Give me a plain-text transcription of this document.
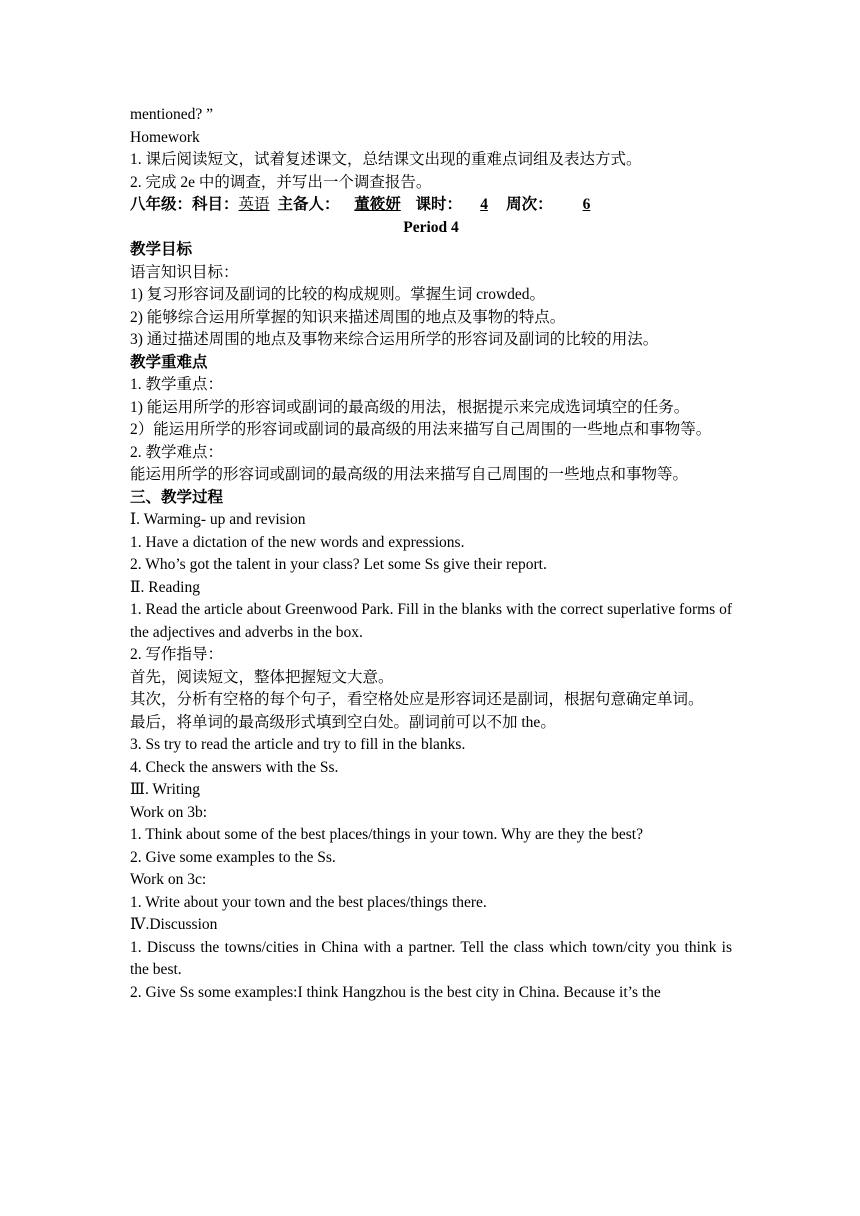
mentioned? ”
Homework
1. 课后阅读短文，试着复述课文，总结课文出现的重难点词组及表达方式。
2. 完成 2e 中的调查，并写出一个调查报告。
八年级：科目：英语 主备人： 董筱妍 课时： 4 周次： 6
Period 4
教学目标
语言知识目标：
1) 复习形容词及副词的比较的构成规则。掌握生词 crowded。
2) 能够综合运用所掌握的知识来描述周围的地点及事物的特点。
3) 通过描述周围的地点及事物来综合运用所学的形容词及副词的比较的用法。
教学重难点
1. 教学重点：
1) 能运用所学的形容词或副词的最高级的用法，根据提示来完成选词填空的任务。
2）能运用所学的形容词或副词的最高级的用法来描写自己周围的一些地点和事物等。
2. 教学难点：
能运用所学的形容词或副词的最高级的用法来描写自己周围的一些地点和事物等。
三、教学过程
Ⅰ. Warming- up and revision
1. Have a dictation of the new words and expressions.
2. Who’s got the talent in your class? Let some Ss give their report.
Ⅱ. Reading
1. Read the article about Greenwood Park. Fill in the blanks with the correct superlative forms of the adjectives and adverbs in the box.
2. 写作指导：
首先，阅读短文，整体把握短文大意。
其次，分析有空格的每个句子，看空格处应是形容词还是副词，根据句意确定单词。
最后，将单词的最高级形式填到空白处。副词前可以不加 the。
3. Ss try to read the article and try to fill in the blanks.
4. Check the answers with the Ss.
Ⅲ. Writing
Work on 3b:
1. Think about some of the best places/things in your town. Why are they the best?
2. Give some examples to the Ss.
Work on 3c:
1. Write about your town and the best places/things there.
Ⅳ.Discussion
1. Discuss the towns/cities in China with a partner. Tell the class which town/city you think is the best.
2. Give Ss some examples:I think Hangzhou is the best city in China. Because it’s the
